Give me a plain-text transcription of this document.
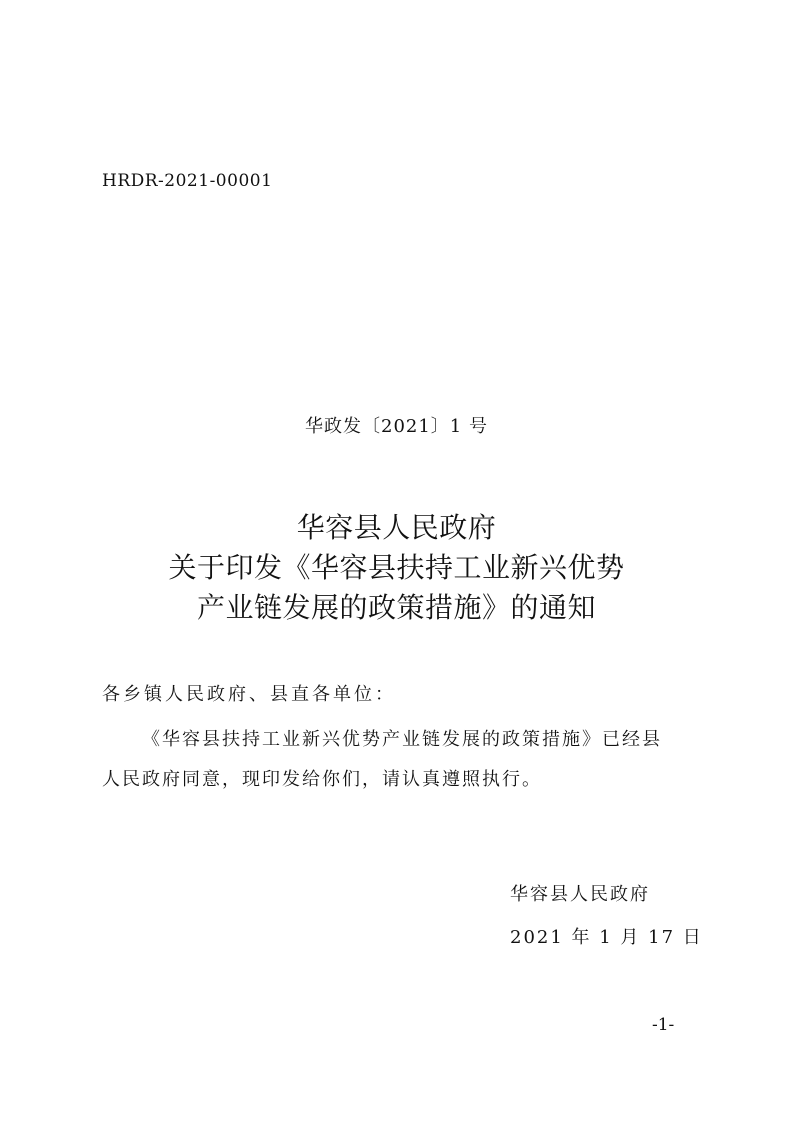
HRDR-2021-00001
华政发〔2021〕1 号
华容县人民政府
关于印发《华容县扶持工业新兴优势
产业链发展的政策措施》的通知
各乡镇人民政府、县直各单位：
《华容县扶持工业新兴优势产业链发展的政策措施》已经县
人民政府同意，现印发给你们，请认真遵照执行。
华容县人民政府
2021 年 1 月 17 日
-1-
